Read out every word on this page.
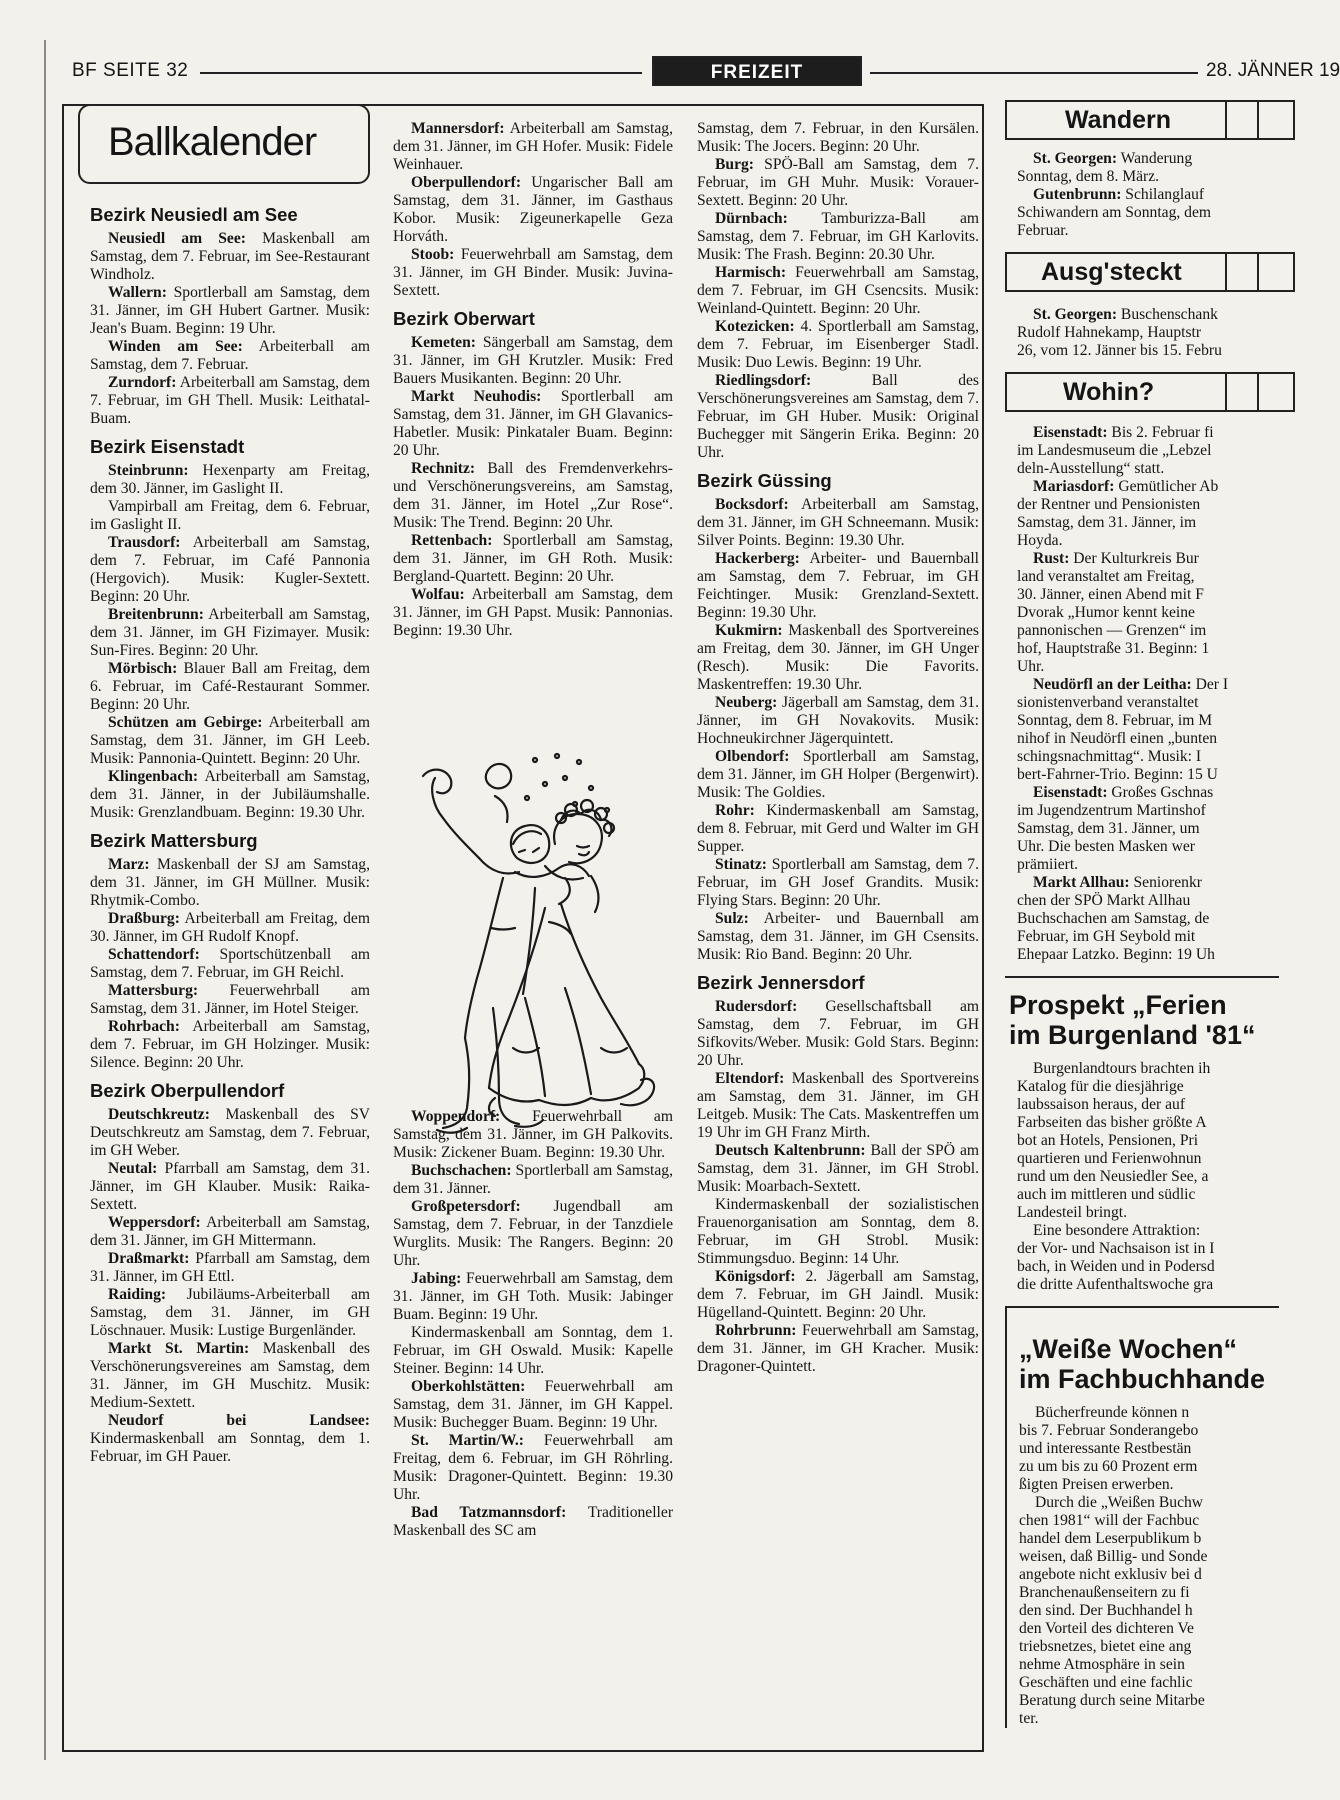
BF SEITE 32	FREIZEIT	28. JÄNNER 19
Ballkalender
Bezirk Neusiedl am See

Neusiedl am See: Maskenball am Samstag, dem 7. Februar, im See-Restaurant Windholz.

Wallern: Sportlerball am Samstag, dem 31. Jänner, im GH Hubert Gartner. Musik: Jean's Buam. Beginn: 19 Uhr.

Winden am See: Arbeiterball am Samstag, dem 7. Februar.

Zurndorf: Arbeiterball am Samstag, dem 7. Februar, im GH Thell. Musik: Leithatal-Buam.

Bezirk Eisenstadt

Steinbrunn: Hexenparty am Freitag, dem 30. Jänner, im Gaslight II.

Vampirball am Freitag, dem 6. Februar, im Gaslight II.

Trausdorf: Arbeiterball am Samstag, dem 7. Februar, im Café Pannonia (Hergovich). Musik: Kugler-Sextett. Beginn: 20 Uhr.

Breitenbrunn: Arbeiterball am Samstag, dem 31. Jänner, im GH Fizimayer. Musik: Sun-Fires. Beginn: 20 Uhr.

Mörbisch: Blauer Ball am Freitag, dem 6. Februar, im Café-Restaurant Sommer. Beginn: 20 Uhr.

Schützen am Gebirge: Arbeiterball am Samstag, dem 31. Jänner, im GH Leeb. Musik: Pannonia-Quintett. Beginn: 20 Uhr.

Klingenbach: Arbeiterball am Samstag, dem 31. Jänner, in der Jubiläumshalle. Musik: Grenzlandbuam. Beginn: 19.30 Uhr.

Bezirk Mattersburg

Marz: Maskenball der SJ am Samstag, dem 31. Jänner, im GH Müllner. Musik: Rhytmik-Combo.

Draßburg: Arbeiterball am Freitag, dem 30. Jänner, im GH Rudolf Knopf.

Schattendorf: Sportschützenball am Samstag, dem 7. Februar, im GH Reichl.

Mattersburg: Feuerwehrball am Samstag, dem 31. Jänner, im Hotel Steiger.

Rohrbach: Arbeiterball am Samstag, dem 7. Februar, im GH Holzinger. Musik: Silence. Beginn: 20 Uhr.

Bezirk Oberpullendorf

Deutschkreutz: Maskenball des SV Deutschkreutz am Samstag, dem 7. Februar, im GH Weber.

Neutal: Pfarrball am Samstag, dem 31. Jänner, im GH Klauber. Musik: Raika-Sextett.

Weppersdorf: Arbeiterball am Samstag, dem 31. Jänner, im GH Mittermann.

Draßmarkt: Pfarrball am Samstag, dem 31. Jänner, im GH Ettl.

Raiding: Jubiläums-Arbeiterball am Samstag, dem 31. Jänner, im GH Löschnauer. Musik: Lustige Burgenländer.

Markt St. Martin: Maskenball des Verschönerungsvereines am Samstag, dem 31. Jänner, im GH Muschitz. Musik: Medium-Sextett.

Neudorf bei Landsee: Kindermaskenball am Sonntag, dem 1. Februar, im GH Pauer.

Mannersdorf: Arbeiterball am Samstag, dem 31. Jänner, im GH Hofer. Musik: Fidele Weinhauer.

Oberpullendorf: Ungarischer Ball am Samstag, dem 31. Jänner, im Gasthaus Kobor. Musik: Zigeunerkapelle Geza Horváth.

Stoob: Feuerwehrball am Samstag, dem 31. Jänner, im GH Binder. Musik: Juvina-Sextett.

Bezirk Oberwart

Kemeten: Sängerball am Samstag, dem 31. Jänner, im GH Krutzler. Musik: Fred Bauers Musikanten. Beginn: 20 Uhr.

Markt Neuhodis: Sportlerball am Samstag, dem 31. Jänner, im GH Glavanics-Habetler. Musik: Pinkataler Buam. Beginn: 20 Uhr.

Rechnitz: Ball des Fremdenverkehrs- und Verschönerungsvereins, am Samstag, dem 31. Jänner, im Hotel „Zur Rose“. Musik: The Trend. Beginn: 20 Uhr.

Rettenbach: Sportlerball am Samstag, dem 31. Jänner, im GH Roth. Musik: Bergland-Quartett. Beginn: 20 Uhr.

Wolfau: Arbeiterball am Samstag, dem 31. Jänner, im GH Papst. Musik: Pannonias. Beginn: 19.30 Uhr.

Woppendorf: Feuerwehrball am Samstag, dem 31. Jänner, im GH Palkovits. Musik: Zickener Buam. Beginn: 19.30 Uhr.

Buchschachen: Sportlerball am Samstag, dem 31. Jänner.

Großpetersdorf: Jugendball am Samstag, dem 7. Februar, in der Tanzdiele Wurglits. Musik: The Rangers. Beginn: 20 Uhr.

Jabing: Feuerwehrball am Samstag, dem 31. Jänner, im GH Toth. Musik: Jabinger Buam. Beginn: 19 Uhr.

Kindermaskenball am Sonntag, dem 1. Februar, im GH Oswald. Musik: Kapelle Steiner. Beginn: 14 Uhr.

Oberkohlstätten: Feuerwehrball am Samstag, dem 31. Jänner, im GH Kappel. Musik: Buchegger Buam. Beginn: 19 Uhr.

St. Martin/W.: Feuerwehrball am Freitag, dem 6. Februar, im GH Röhrling. Musik: Dragoner-Quintett. Beginn: 19.30 Uhr.

Bad Tatzmannsdorf: Traditioneller Maskenball des SC am

Samstag, dem 7. Februar, in den Kursälen. Musik: The Jocers. Beginn: 20 Uhr.

Burg: SPÖ-Ball am Samstag, dem 7. Februar, im GH Muhr. Musik: Vorauer-Sextett. Beginn: 20 Uhr.

Dürnbach: Tamburizza-Ball am Samstag, dem 7. Februar, im GH Karlovits. Musik: The Frash. Beginn: 20.30 Uhr.

Harmisch: Feuerwehrball am Samstag, dem 7. Februar, im GH Csencsits. Musik: Weinland-Quintett. Beginn: 20 Uhr.

Kotezicken: 4. Sportlerball am Samstag, dem 7. Februar, im Eisenberger Stadl. Musik: Duo Lewis. Beginn: 19 Uhr.

Riedlingsdorf: Ball des Verschönerungsvereines am Samstag, dem 7. Februar, im GH Huber. Musik: Original Buchegger mit Sängerin Erika. Beginn: 20 Uhr.

Bezirk Güssing

Bocksdorf: Arbeiterball am Samstag, dem 31. Jänner, im GH Schneemann. Musik: Silver Points. Beginn: 19.30 Uhr.

Hackerberg: Arbeiter- und Bauernball am Samstag, dem 7. Februar, im GH Feichtinger. Musik: Grenzland-Sextett. Beginn: 19.30 Uhr.

Kukmirn: Maskenball des Sportvereines am Freitag, dem 30. Jänner, im GH Unger (Resch). Musik: Die Favorits. Maskentreffen: 19.30 Uhr.

Neuberg: Jägerball am Samstag, dem 31. Jänner, im GH Novakovits. Musik: Hochneukirchner Jägerquintett.

Olbendorf: Sportlerball am Samstag, dem 31. Jänner, im GH Holper (Bergenwirt). Musik: The Goldies.

Rohr: Kindermaskenball am Samstag, dem 8. Februar, mit Gerd und Walter im GH Supper.

Stinatz: Sportlerball am Samstag, dem 7. Februar, im GH Josef Grandits. Musik: Flying Stars. Beginn: 20 Uhr.

Sulz: Arbeiter- und Bauernball am Samstag, dem 31. Jänner, im GH Csensits. Musik: Rio Band. Beginn: 20 Uhr.

Bezirk Jennersdorf

Rudersdorf: Gesellschaftsball am Samstag, dem 7. Februar, im GH Sifkovits/Weber. Musik: Gold Stars. Beginn: 20 Uhr.

Eltendorf: Maskenball des Sportvereins am Samstag, dem 31. Jänner, im GH Leitgeb. Musik: The Cats. Maskentreffen um 19 Uhr im GH Franz Mirth.

Deutsch Kaltenbrunn: Ball der SPÖ am Samstag, dem 31. Jänner, im GH Strobl. Musik: Moarbach-Sextett.

Kindermaskenball der sozialistischen Frauenorganisation am Sonntag, dem 8. Februar, im GH Strobl. Musik: Stimmungsduo. Beginn: 14 Uhr.

Königsdorf: 2. Jägerball am Samstag, dem 7. Februar, im GH Jaindl. Musik: Hügelland-Quintett. Beginn: 20 Uhr.

Rohrbrunn: Feuerwehrball am Samstag, dem 31. Jänner, im GH Kracher. Musik: Dragoner-Quintett.

Wandern

St. Georgen: Wanderung

Sonntag, dem 8. März.

Gutenbrunn: Schilanglauf

Schiwandern am Sonntag, dem
Februar.
Ausg'steckt

St. Georgen: Buschenschank

Rudolf Hahnekamp, Hauptstr
26, vom 12. Jänner bis 15. Febru
Wohin?

Eisenstadt: Bis 2. Februar fi

im Landesmuseum die „Lebzel
deln-Ausstellung“ statt.

Mariasdorf: Gemütlicher Ab

der Rentner und Pensionisten
Samstag, dem 31. Jänner, im
Hoyda.

Rust: Der Kulturkreis Bur

land veranstaltet am Freitag,
30. Jänner, einen Abend mit F
Dvorak „Humor kennt keine
pannonischen — Grenzen“ im
hof, Hauptstraße 31. Beginn: 1
Uhr.

Neudörfl an der Leitha: Der I

sionistenverband veranstaltet
Sonntag, dem 8. Februar, im M
nihof in Neudörfl einen „bunten
schingsnachmittag“. Musik: I
bert-Fahrner-Trio. Beginn: 15 U

Eisenstadt: Großes Gschnas

im Jugendzentrum Martinshof
Samstag, dem 31. Jänner, um
Uhr. Die besten Masken wer
prämiiert.

Markt Allhau: Seniorenkr

chen der SPÖ Markt Allhau
Buchschachen am Samstag, de
Februar, im GH Seybold mit
Ehepaar Latzko. Beginn: 19 Uh
Prospekt „Ferien
im Burgenland '81“

Burgenlandtours brachten ih

Katalog für die diesjährige
laubssaison heraus, der auf
Farbseiten das bisher größte A
bot an Hotels, Pensionen, Pri
quartieren und Ferienwohnun
rund um den Neusiedler See, a
auch im mittleren und südlic
Landesteil bringt.

Eine besondere Attraktion:

der Vor- und Nachsaison ist in I
bach, in Weiden und in Podersd
die dritte Aufenthaltswoche gra
„Weiße Wochen“
im Fachbuchhande

Bücherfreunde können n

bis 7. Februar Sonderangebo
und interessante Restbestän
zu um bis zu 60 Prozent erm
ßigten Preisen erwerben.

Durch die „Weißen Buchw

chen 1981“ will der Fachbuc
handel dem Leserpublikum b
weisen, daß Billig- und Sonde
angebote nicht exklusiv bei d
Branchenaußenseitern zu fi
den sind. Der Buchhandel h
den Vorteil des dichteren Ve
triebsnetzes, bietet eine ang
nehme Atmosphäre in sein
Geschäften und eine fachlic
Beratung durch seine Mitarbe
ter.
